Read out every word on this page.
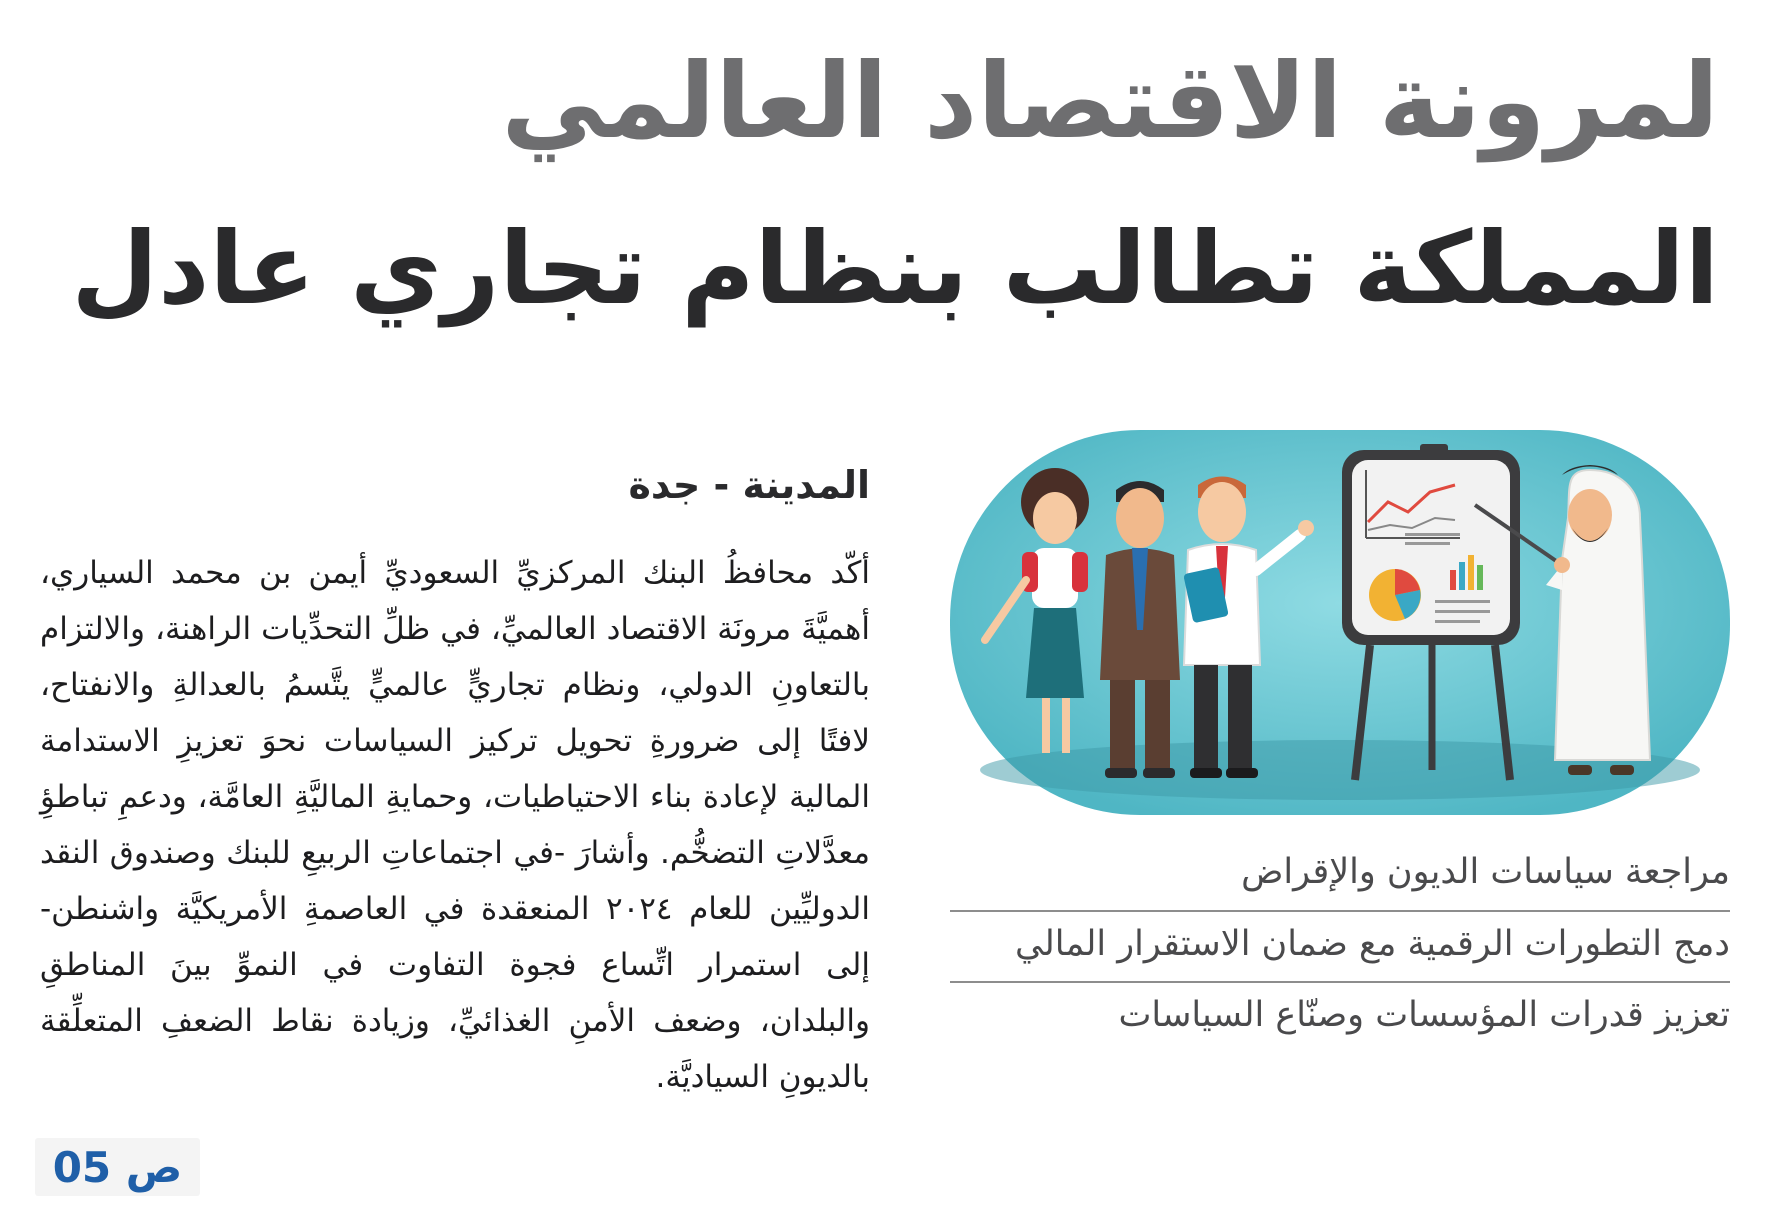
لمرونة الاقتصاد العالمي
المملكة تطالب بنظام تجاري عادل
مراجعة سياسات الديون والإقراض
دمج التطورات الرقمية مع ضمان الاستقرار المالي
تعزيز قدرات المؤسسات وصنّاع السياسات
المدينة - جدة

أكّد محافظُ البنك المركزيِّ السعوديِّ أيمن بن محمد السياري، أهميَّةَ مرونَة الاقتصاد العالميِّ، في ظلِّ التحدِّيات الراهنة، والالتزام بالتعاونِ الدولي، ونظام تجاريٍّ عالميٍّ يتَّسمُ بالعدالةِ والانفتاح، لافتًا إلى ضرورةِ تحويل تركيز السياسات نحوَ تعزيزِ الاستدامة المالية لإعادة بناء الاحتياطيات، وحمايةِ الماليَّةِ العامَّة، ودعمِ تباطؤِ معدَّلاتِ التضخُّم. وأشارَ -في اجتماعاتِ الربيعِ للبنك وصندوق النقد الدوليِّين للعام ٢٠٢٤ المنعقدة في العاصمةِ الأمريكيَّة واشنطن- إلى استمرار اتِّساع فجوة التفاوت في النموِّ بينَ المناطقِ والبلدان، وضعف الأمنِ الغذائيِّ، وزيادة نقاط الضعفِ المتعلِّقة بالديونِ السياديَّة.

ص 05
